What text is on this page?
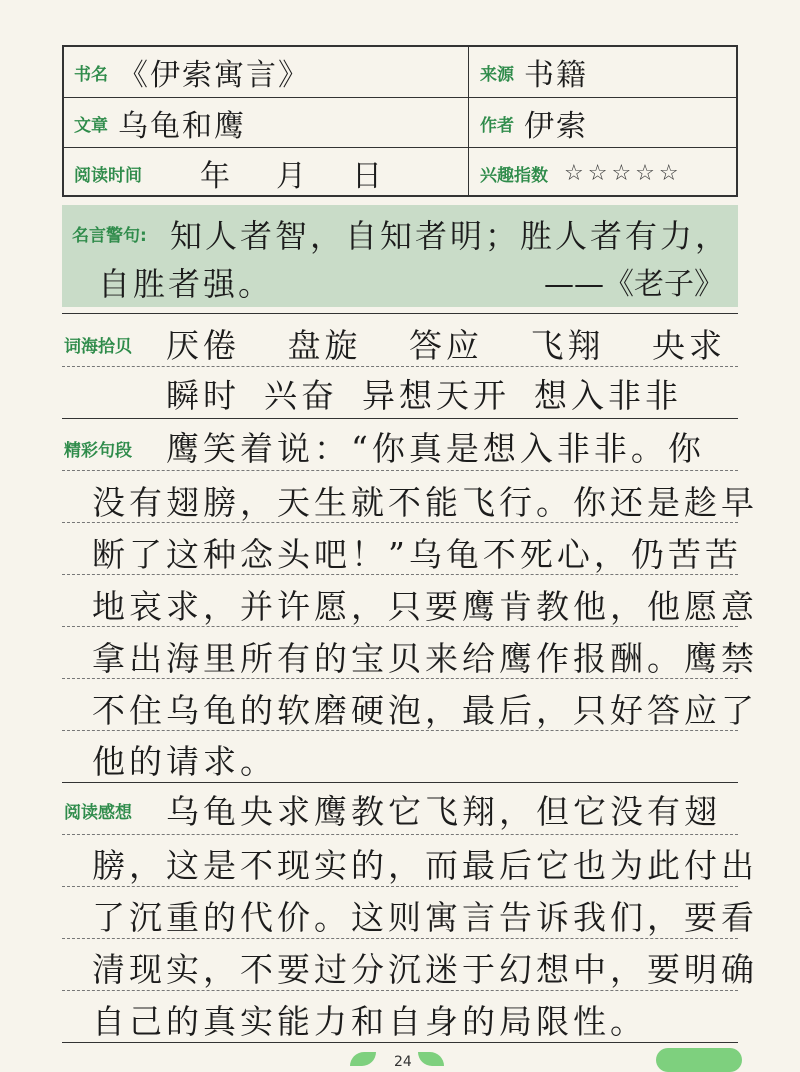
书名 《伊索寓言》	来源 书籍
文章 乌龟和鹰	作者 伊索
阅读时间 年 月 日	兴趣指数 ☆☆☆☆☆
名言警句: 知人者智，自知者明；胜人者有力，
自胜者强。	——《老子》
词海拾贝 厌倦 盘旋 答应 飞翔 央求
瞬时 兴奋 异想天开 想入非非
精彩句段 鹰笑着说：“你真是想入非非。你
没有翅膀，天生就不能飞行。你还是趁早
断了这种念头吧！”乌龟不死心，仍苦苦
地哀求，并许愿，只要鹰肯教他，他愿意
拿出海里所有的宝贝来给鹰作报酬。鹰禁
不住乌龟的软磨硬泡，最后，只好答应了
他的请求。
阅读感想 乌龟央求鹰教它飞翔，但它没有翅
膀，这是不现实的，而最后它也为此付出
了沉重的代价。这则寓言告诉我们，要看
清现实，不要过分沉迷于幻想中，要明确
自己的真实能力和自身的局限性。
24
